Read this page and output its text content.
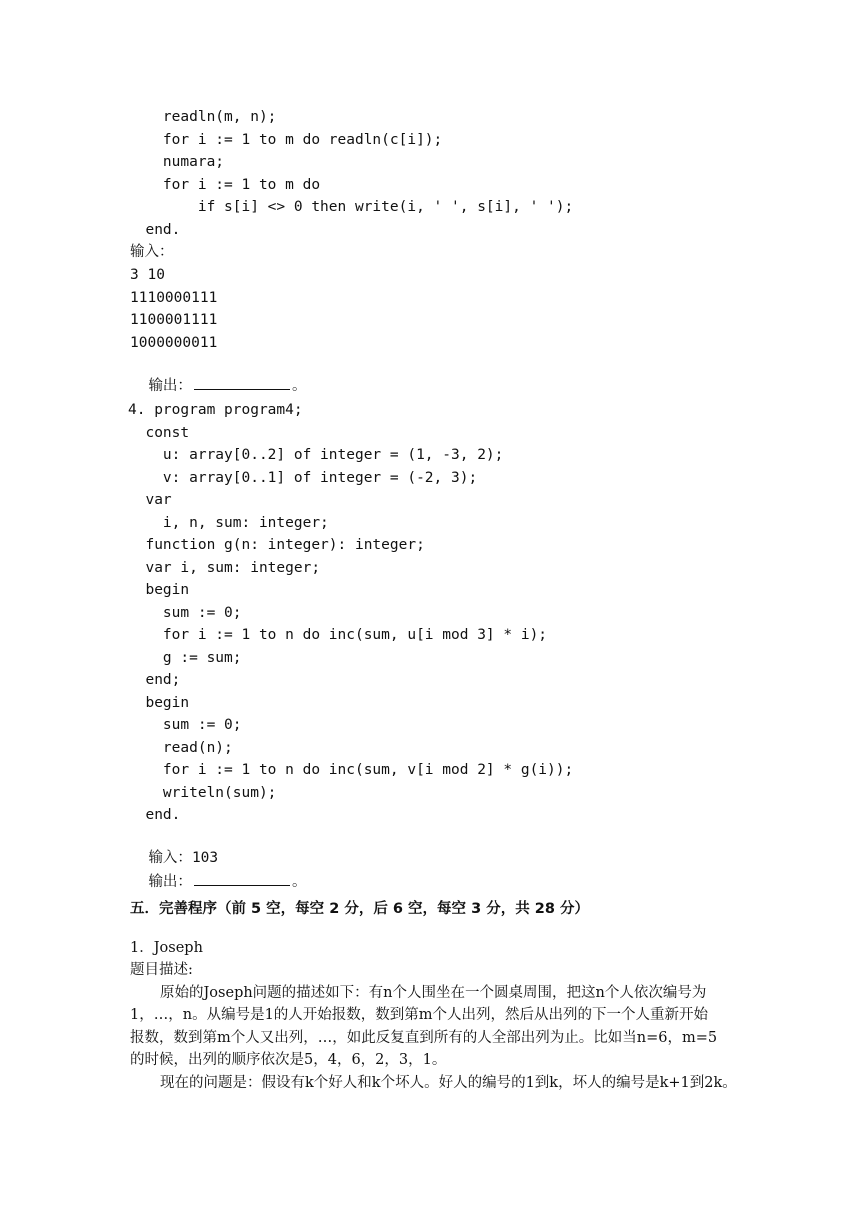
readln(m, n);
for i := 1 to m do readln(c[i]);
numara;
for i := 1 to m do
if s[i] <> 0 then write(i, ' ', s[i], ' ');
end.
输入：
3 10
1110000111
1100001111
1000000011

输出：	。

4. program program4;
const
u: array[0..2] of integer = (1, -3, 2);
v: array[0..1] of integer = (-2, 3);
var
i, n, sum: integer;
function g(n: integer): integer;
var i, sum: integer;
begin
sum := 0;
for i := 1 to n do inc(sum, u[i mod 3] * i);
g := sum;
end;
begin
sum := 0;
read(n);
for i := 1 to n do inc(sum, v[i mod 2] * g(i));
writeln(sum);
end.

输入：103

输出：	。

五．完善程序（前 5 空，每空 2 分，后 6 空，每空 3 分，共 28 分）
1．Joseph
题目描述:
原始的Joseph问题的描述如下：有n个人围坐在一个圆桌周围，把这n个人依次编号为
1，…，n。从编号是1的人开始报数，数到第m个人出列，然后从出列的下一个人重新开始
报数，数到第m个人又出列，…，如此反复直到所有的人全部出列为止。比如当n=6，m=5
的时候，出列的顺序依次是5，4，6，2，3，1。
现在的问题是：假设有k个好人和k个坏人。好人的编号的1到k，坏人的编号是k+1到2k。
